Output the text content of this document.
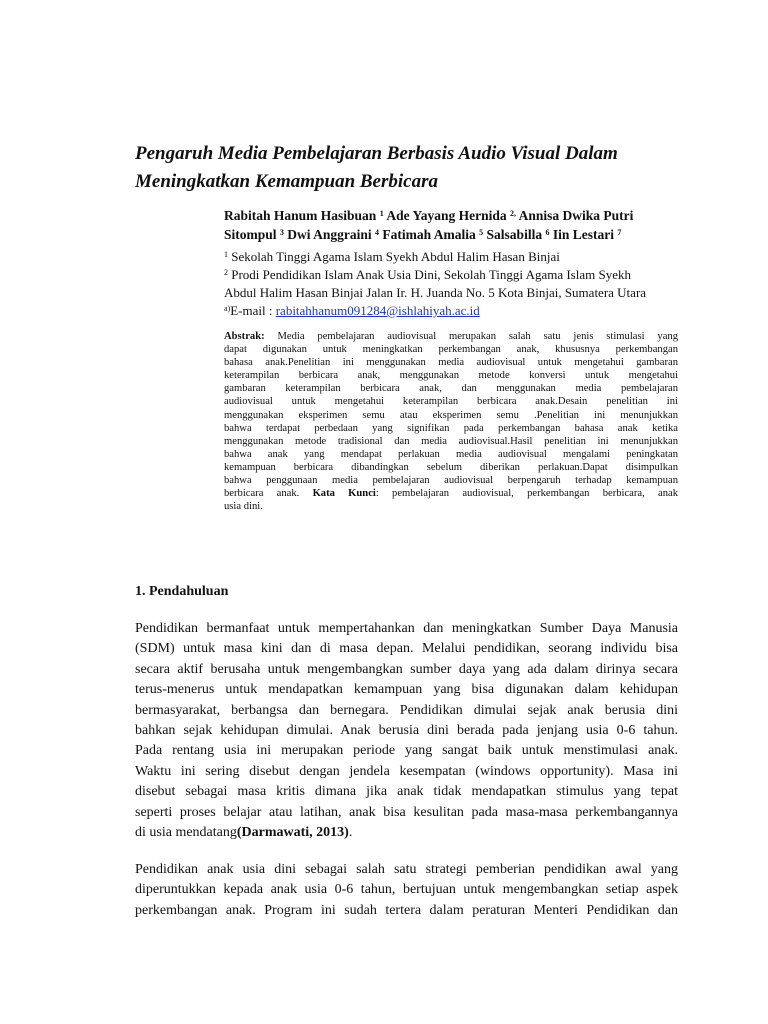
Pengaruh Media Pembelajaran Berbasis Audio Visual Dalam
Meningkatkan Kemampuan Berbicara
Rabitah Hanum Hasibuan $^1$ Ade Yayang Hernida $^{2,}$ Annisa Dwika Putri
Sitompul $^3$ Dwi Anggraini $^4$ Fatimah Amalia $^5$ Salsabilla $^6$ Iin Lestari $^7$
$^1$ Sekolah Tinggi Agama Islam Syekh Abdul Halim Hasan Binjai
$^2$ Prodi Pendidikan Islam Anak Usia Dini, Sekolah Tinggi Agama Islam Syekh
Abdul Halim Hasan Binjai Jalan Ir. H. Juanda No. 5 Kota Binjai, Sumatera Utara
$^{a)}$E-mail : rabitahhanum091284@ishlahiyah.ac.id
Abstrak: Media pembelajaran audiovisual merupakan salah satu jenis stimulasi yang
dapat digunakan untuk meningkatkan perkembangan anak, khususnya perkembangan
bahasa anak.Penelitian ini menggunakan media audiovisual untuk mengetahui gambaran
keterampilan berbicara anak, menggunakan metode konversi untuk mengetahui
gambaran keterampilan berbicara anak, dan menggunakan media pembelajaran
audiovisual untuk mengetahui keterampilan berbicara anak.Desain penelitian ini
menggunakan eksperimen semu atau eksperimen semu .Penelitian ini menunjukkan
bahwa terdapat perbedaan yang signifikan pada perkembangan bahasa anak ketika
menggunakan metode tradisional dan media audiovisual.Hasil penelitian ini menunjukkan
bahwa anak yang mendapat perlakuan media audiovisual mengalami peningkatan
kemampuan berbicara dibandingkan sebelum diberikan perlakuan.Dapat disimpulkan
bahwa penggunaan media pembelajaran audiovisual berpengaruh terhadap kemampuan
berbicara anak. Kata Kunci: pembelajaran audiovisual, perkembangan berbicara, anak
usia dini.
1. Pendahuluan
Pendidikan bermanfaat untuk mempertahankan dan meningkatkan Sumber Daya Manusia
(SDM) untuk masa kini dan di masa depan. Melalui pendidikan, seorang individu bisa
secara aktif berusaha untuk mengembangkan sumber daya yang ada dalam dirinya secara
terus-menerus untuk mendapatkan kemampuan yang bisa digunakan dalam kehidupan
bermasyarakat, berbangsa dan bernegara. Pendidikan dimulai sejak anak berusia dini
bahkan sejak kehidupan dimulai. Anak berusia dini berada pada jenjang usia 0-6 tahun.
Pada rentang usia ini merupakan periode yang sangat baik untuk menstimulasi anak.
Waktu ini sering disebut dengan jendela kesempatan (windows opportunity). Masa ini
disebut sebagai masa kritis dimana jika anak tidak mendapatkan stimulus yang tepat
seperti proses belajar atau latihan, anak bisa kesulitan pada masa-masa perkembangannya
di usia mendatang(Darmawati, 2013).
Pendidikan anak usia dini sebagai salah satu strategi pemberian pendidikan awal yang
diperuntukkan kepada anak usia 0-6 tahun, bertujuan untuk mengembangkan setiap aspek
perkembangan anak. Program ini sudah tertera dalam peraturan Menteri Pendidikan dan
